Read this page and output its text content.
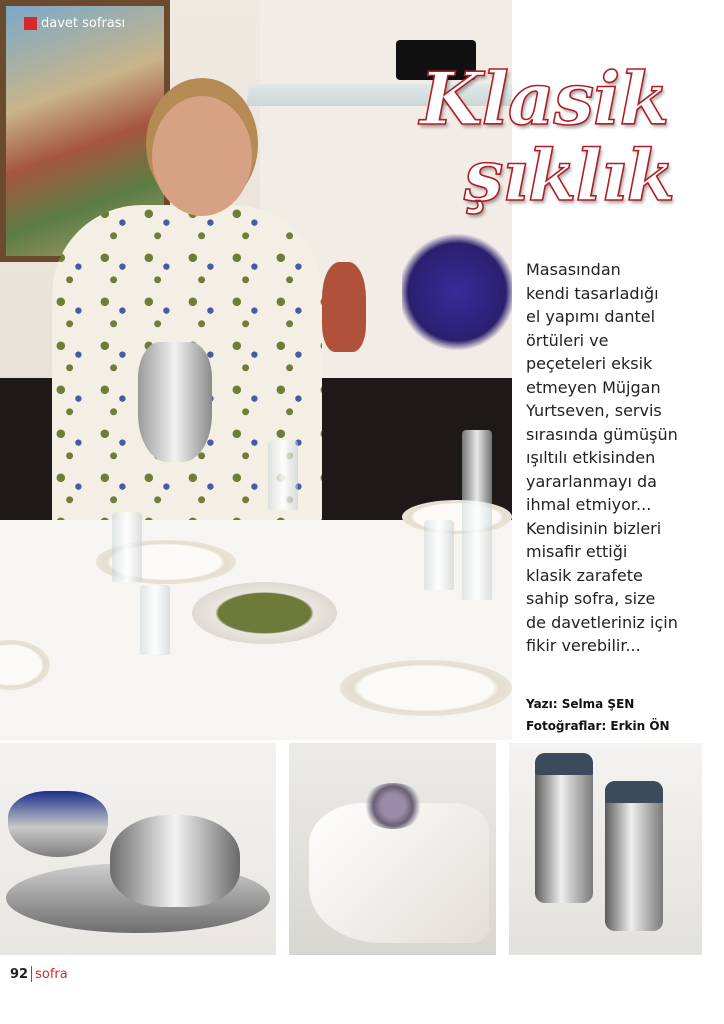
davet sofrası
Klasik
şıklık

Masasından
kendi tasarladığı
el yapımı dantel
örtüleri ve
peçeteleri eksik
etmeyen Müjgan
Yurtseven, servis
sırasında gümüşün
ışıltılı etkisinden
yararlanmayı da
ihmal etmiyor...
Kendisinin bizleri
misafir ettiği
klasik zarafete
sahip sofra, size
de davetleriniz için
fikir verebilir...

Yazı: Selma ŞEN
Fotoğraflar: Erkin ÖN
92 sofra
